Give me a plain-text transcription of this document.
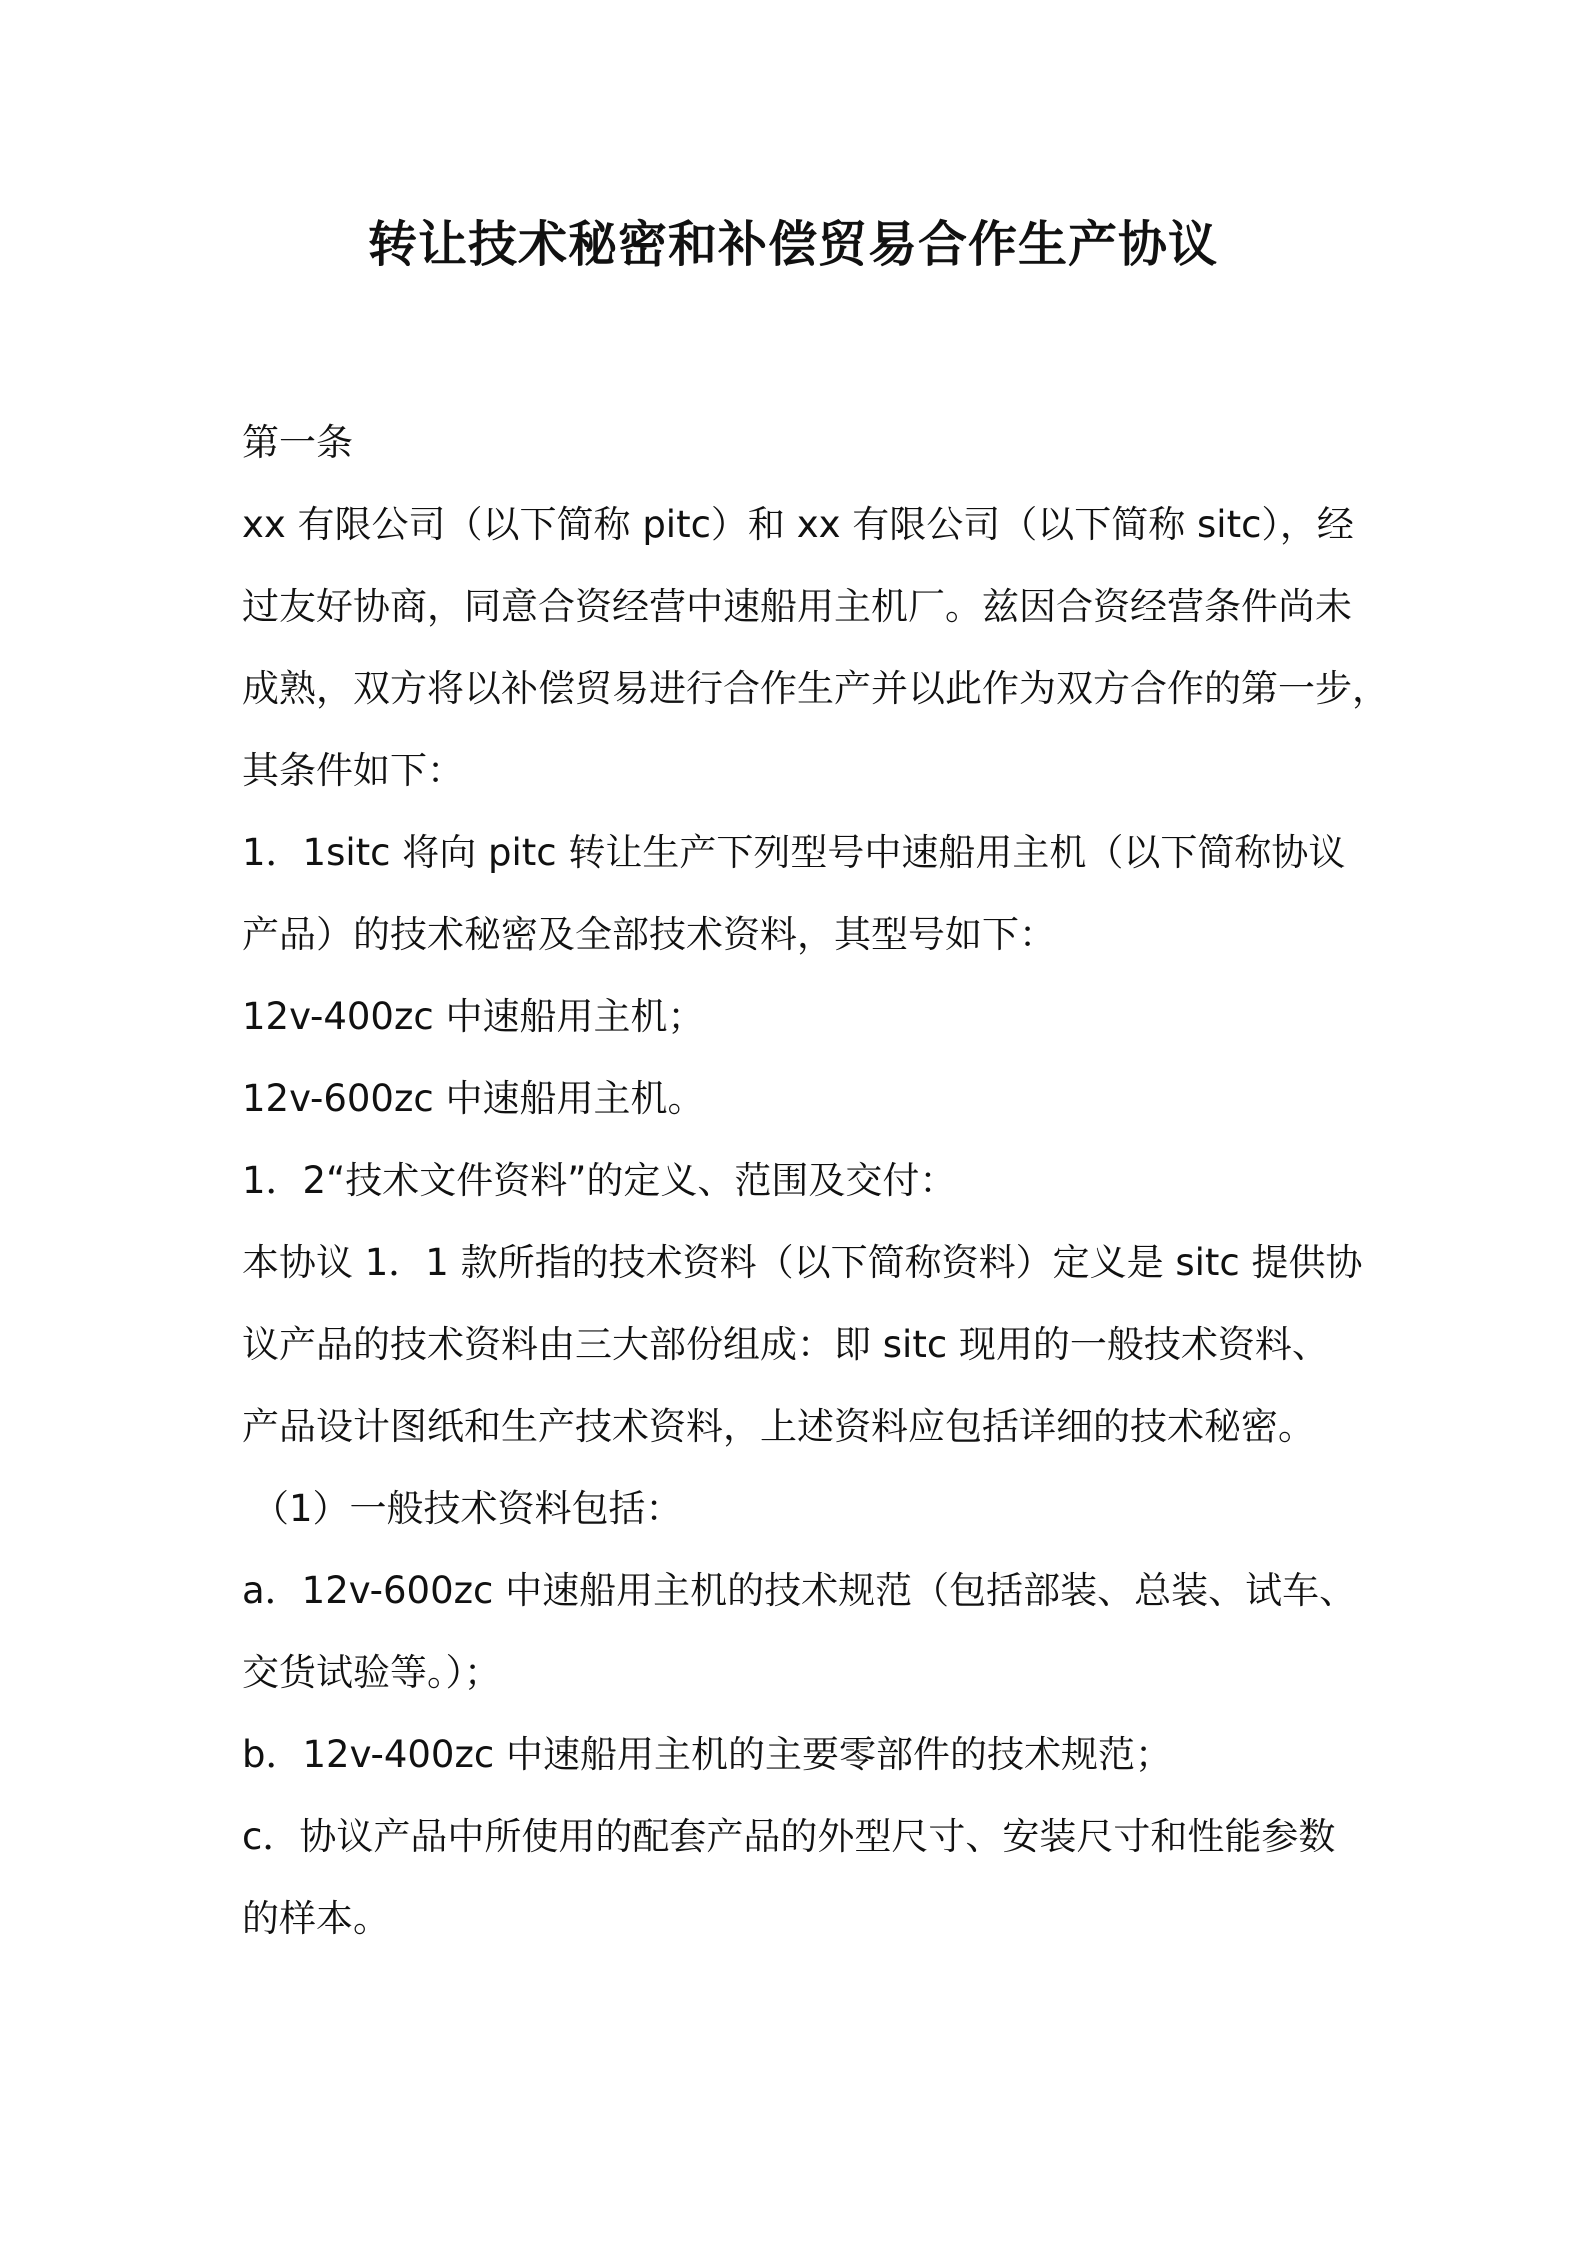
转让技术秘密和补偿贸易合作生产协议

第一条

xx 有限公司（以下简称 pitc）和 xx 有限公司（以下简称 sitc），经

过友好协商，同意合资经营中速船用主机厂。兹因合资经营条件尚未

成熟，双方将以补偿贸易进行合作生产并以此作为双方合作的第一步，

其条件如下：

1．1sitc 将向 pitc 转让生产下列型号中速船用主机（以下简称协议

产品）的技术秘密及全部技术资料，其型号如下：

12v-400zc 中速船用主机；

12v-600zc 中速船用主机。

1．2“技术文件资料”的定义、范围及交付：

本协议 1．1 款所指的技术资料（以下简称资料）定义是 sitc 提供协

议产品的技术资料由三大部份组成：即 sitc 现用的一般技术资料、

产品设计图纸和生产技术资料，上述资料应包括详细的技术秘密。

（1）一般技术资料包括：

a．12v-600zc 中速船用主机的技术规范（包括部装、总装、试车、

交货试验等。）；

b．12v-400zc 中速船用主机的主要零部件的技术规范；

c．协议产品中所使用的配套产品的外型尺寸、安装尺寸和性能参数

的样本。
